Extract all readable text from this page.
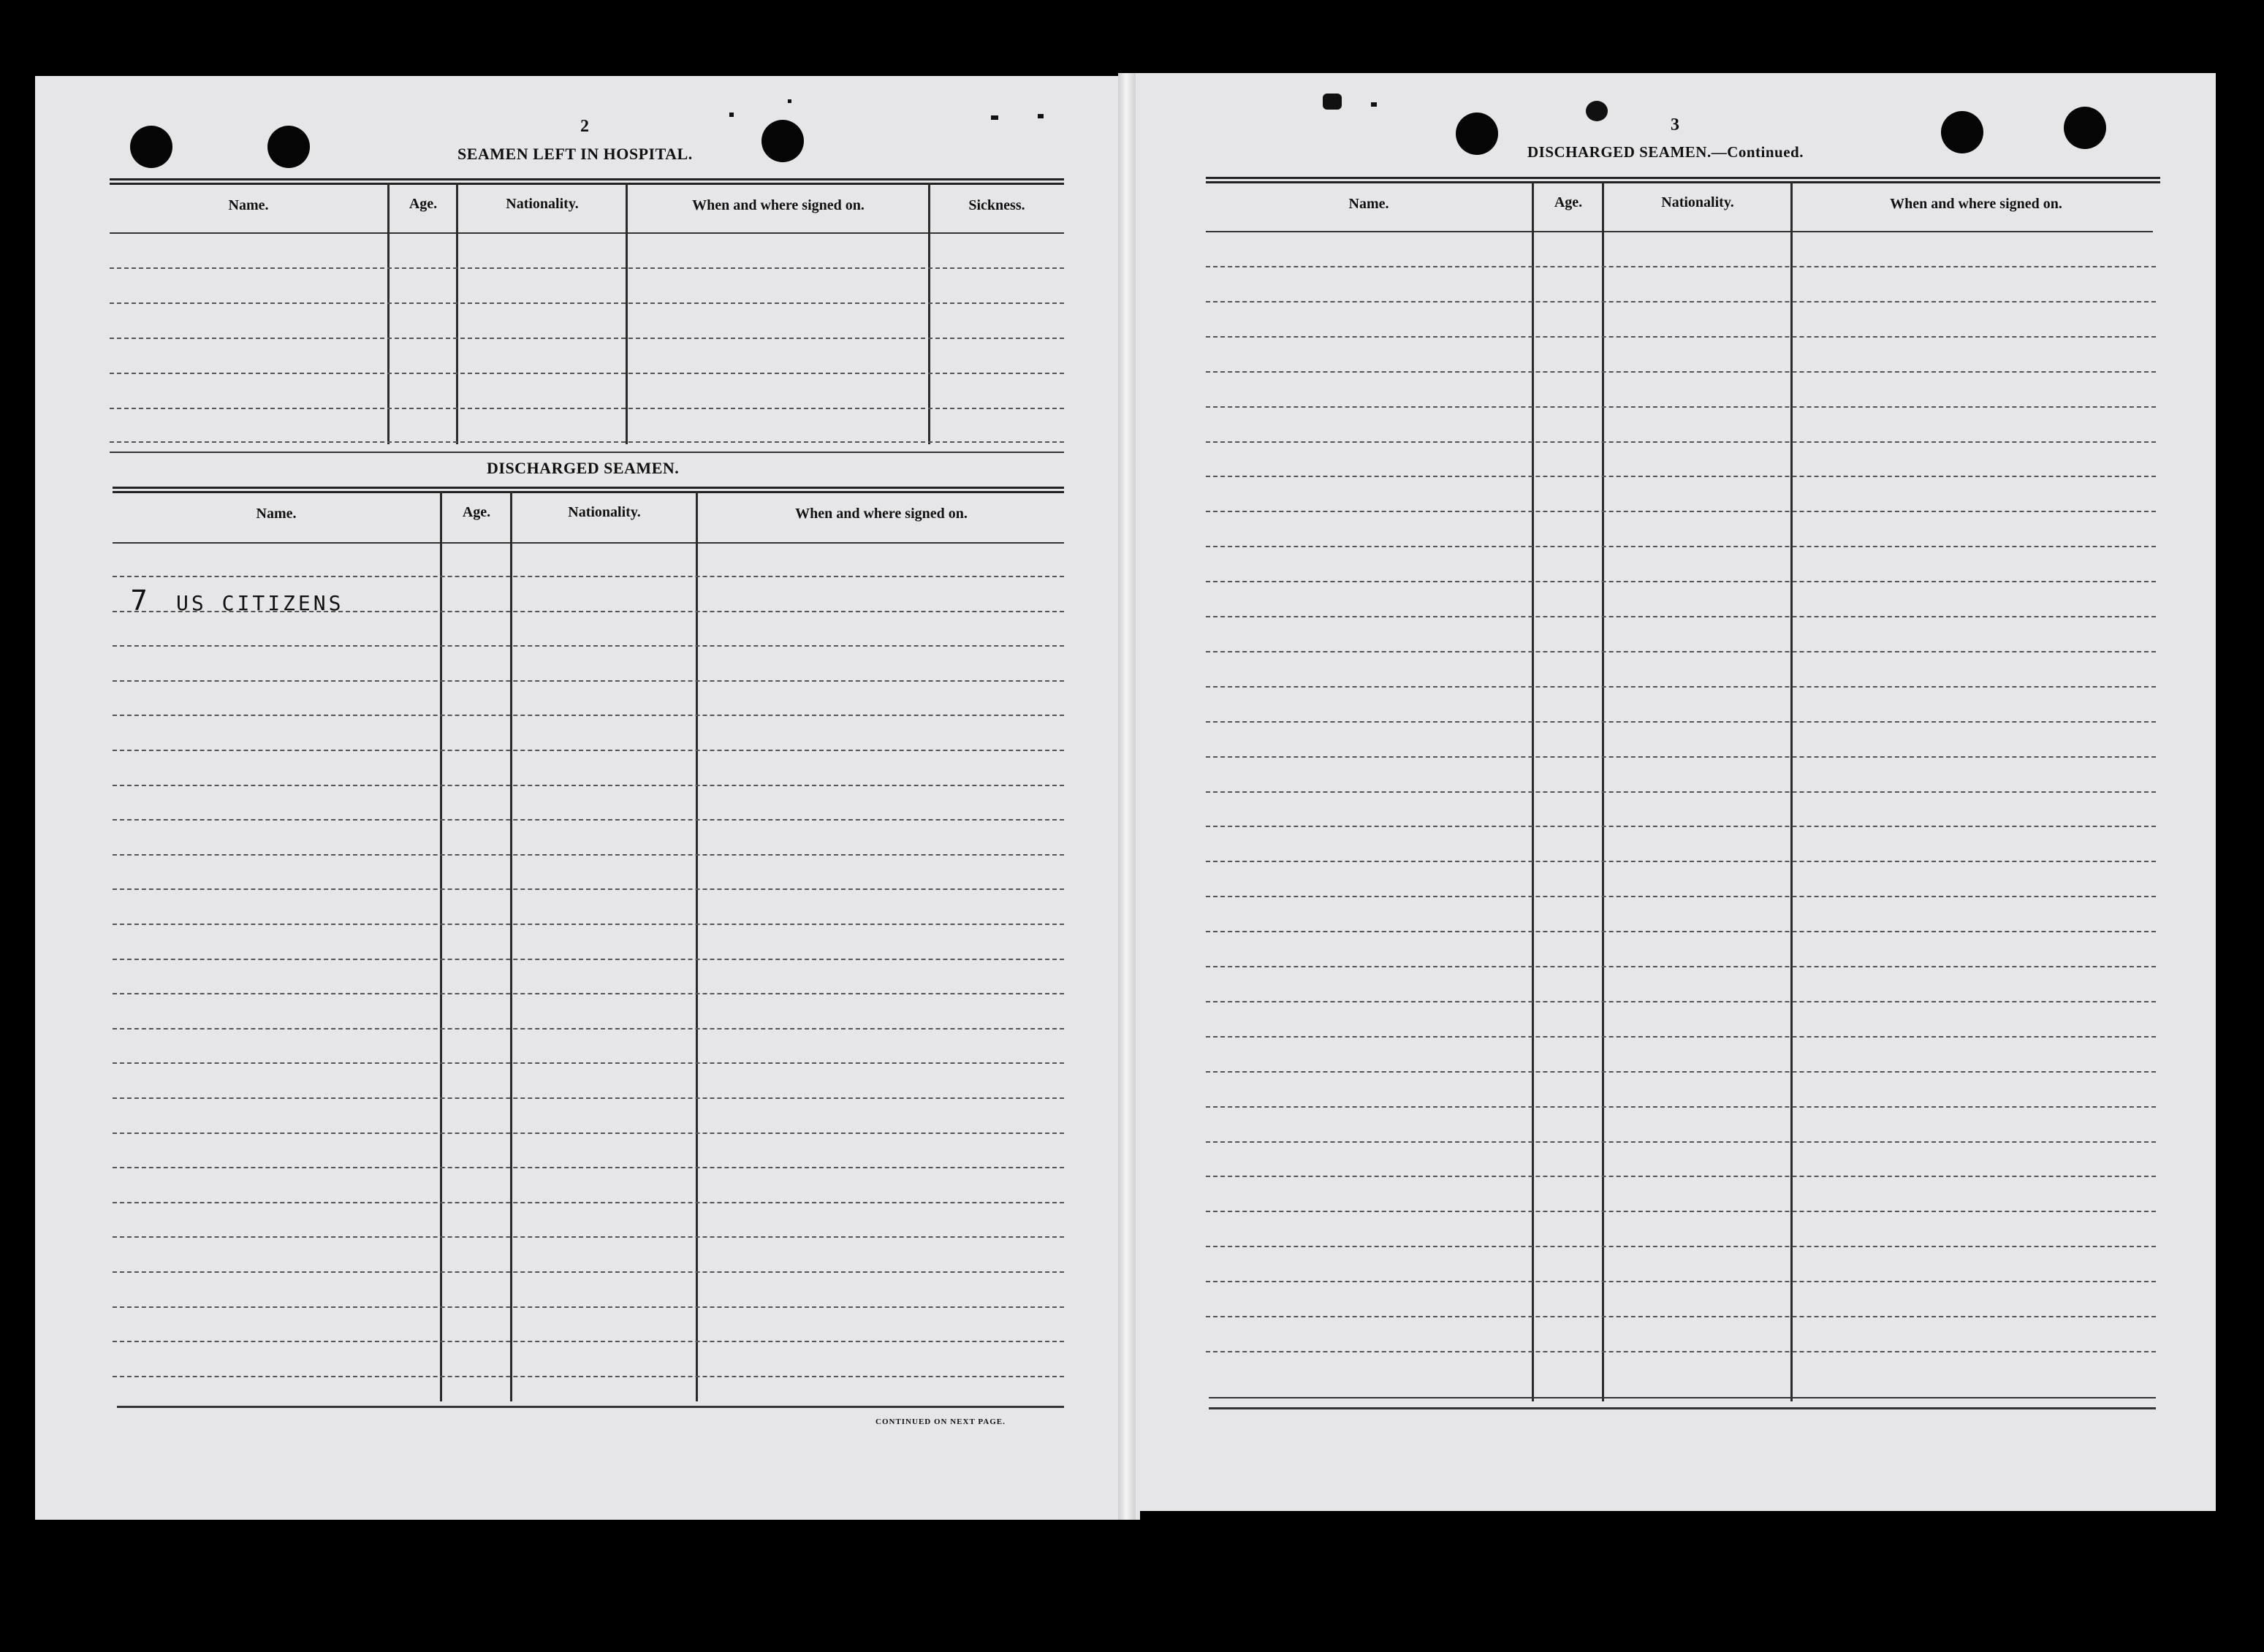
2
SEAMEN LEFT IN HOSPITAL.
Name.	Age.	Nationality.	When and where signed on.	Sickness.
DISCHARGED SEAMEN.
Name.	Age.	Nationality.	When and where signed on.
7 US CITIZENS
CONTINUED ON NEXT PAGE.
3
DISCHARGED SEAMEN.—Continued.
Name.	Age.	Nationality.	When and where signed on.
